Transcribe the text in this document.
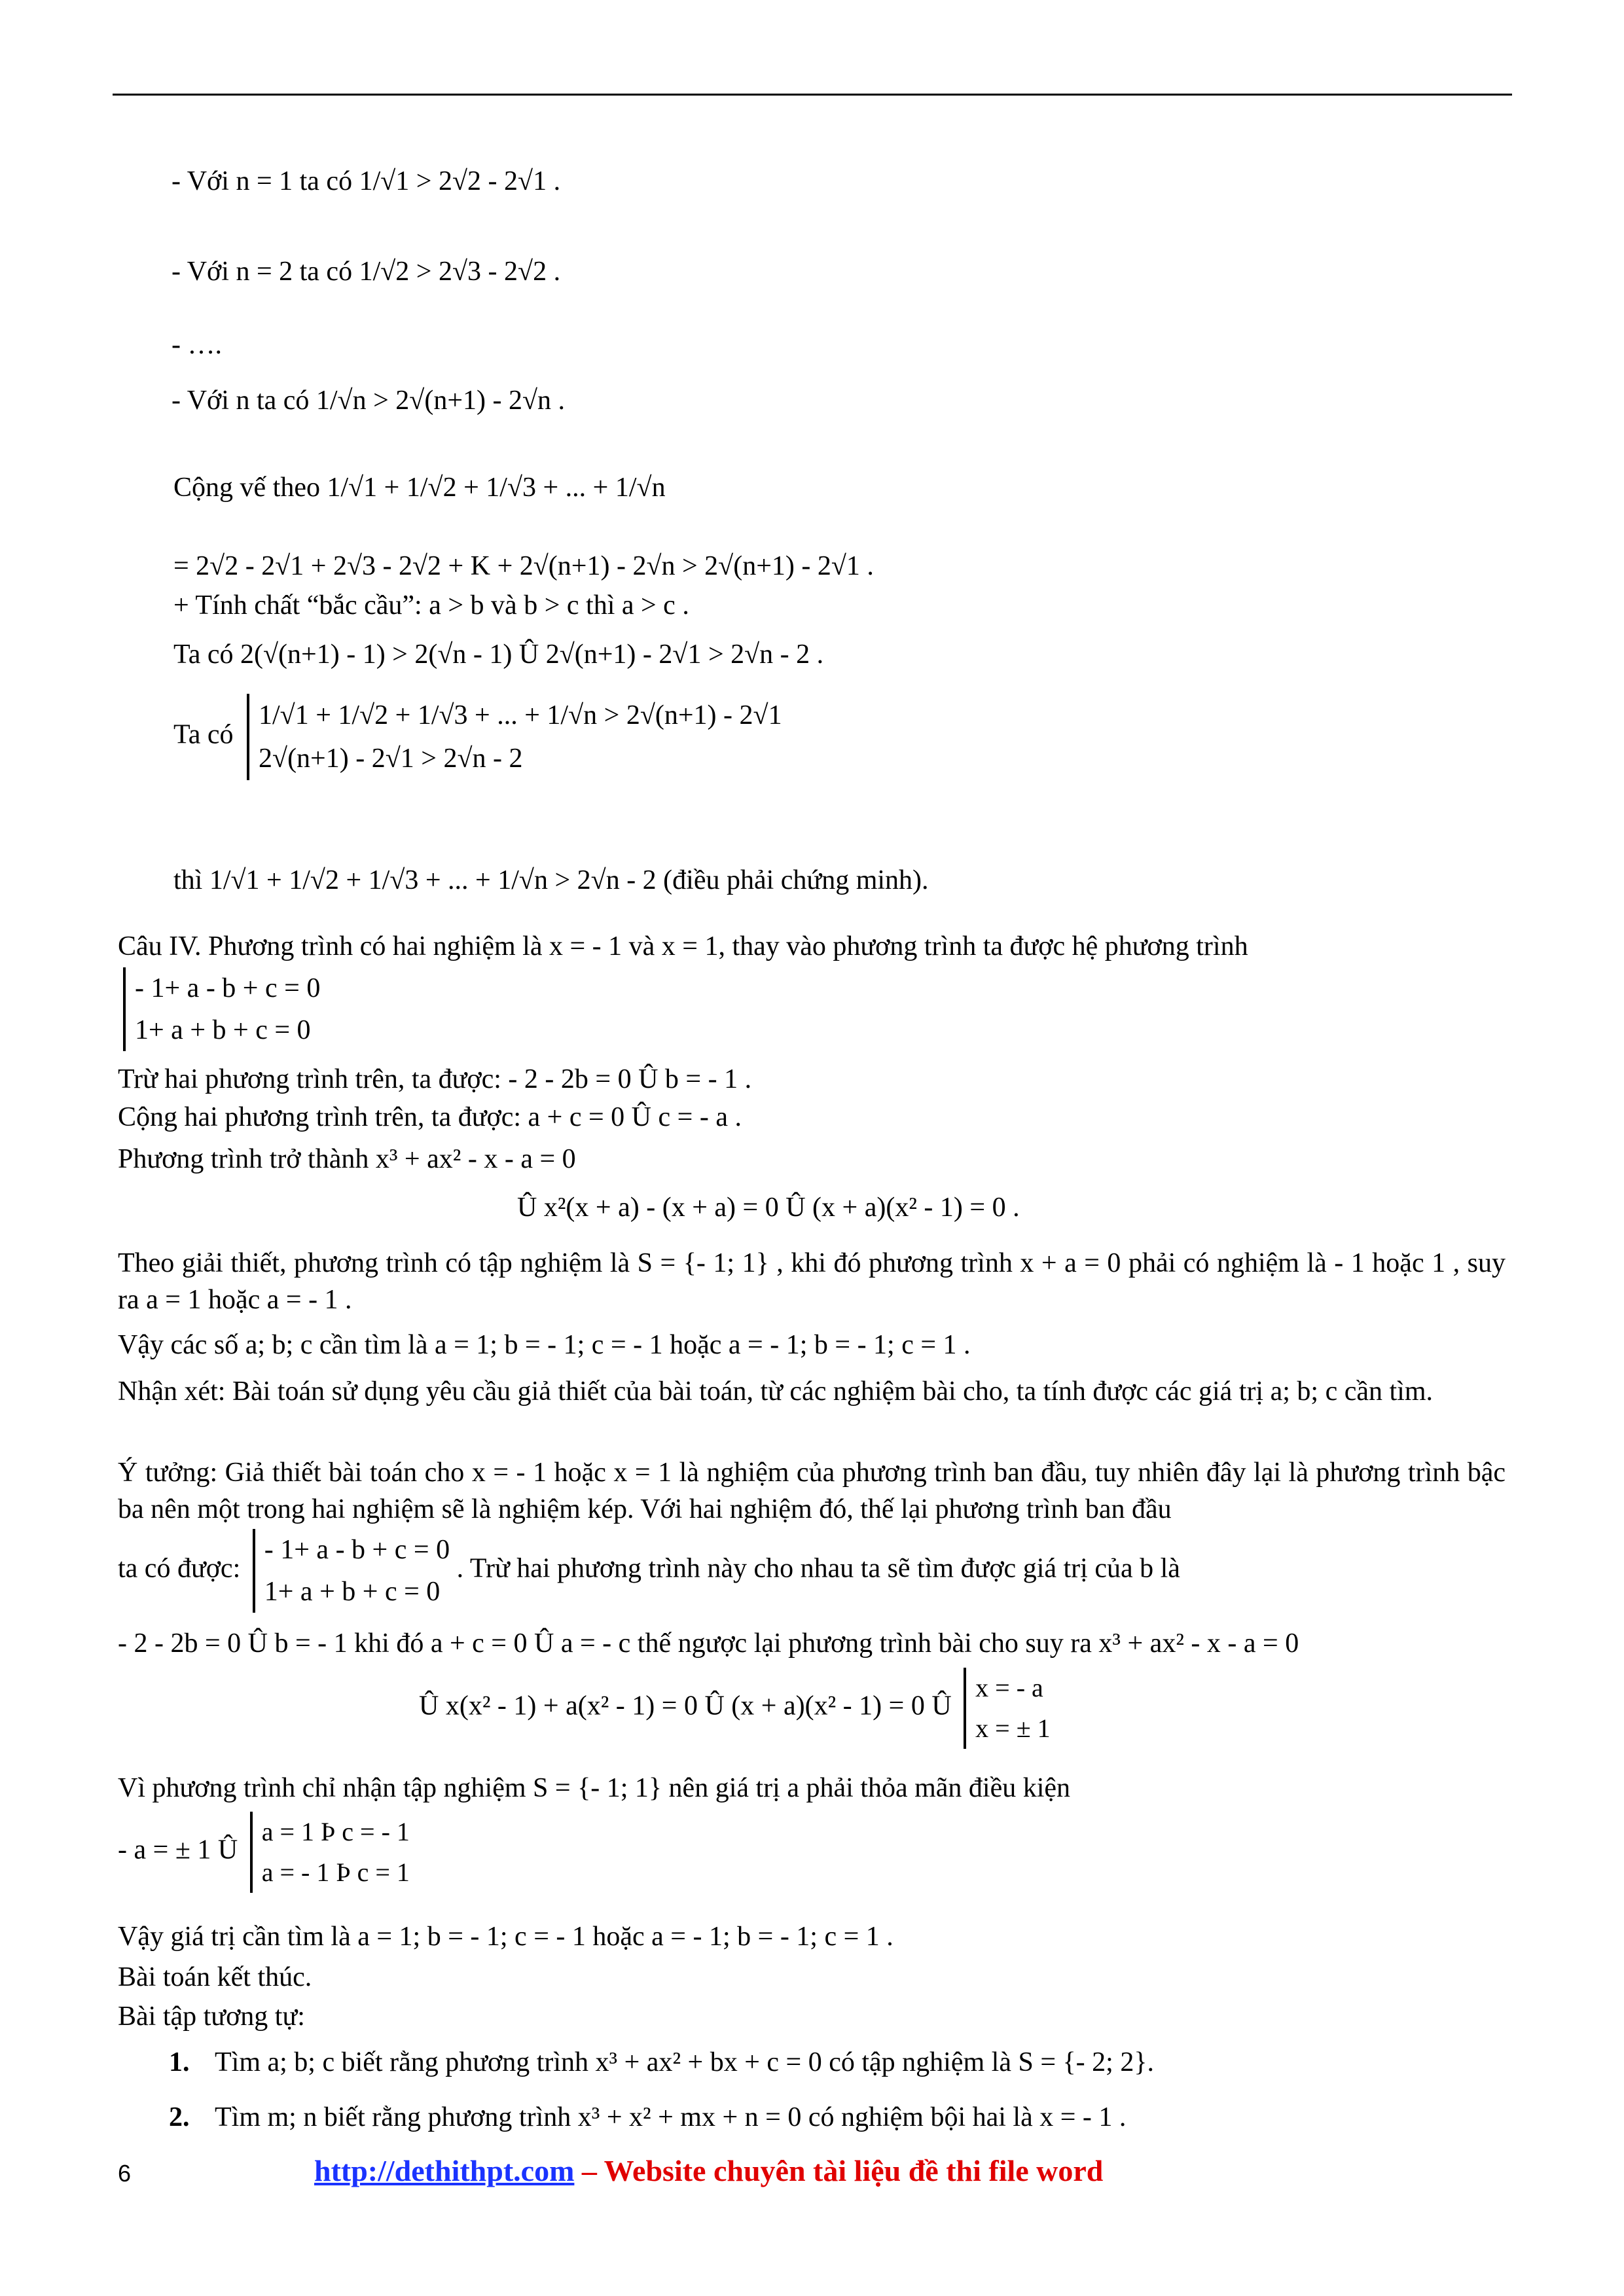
- Với n = 1 ta có 1/√1 > 2√2 - 2√1 .
- Với n = 2 ta có 1/√2 > 2√3 - 2√2 .
- ….
- Với n ta có 1/√n > 2√(n+1) - 2√n .
Cộng vế theo 1/√1 + 1/√2 + 1/√3 + ... + 1/√n
= 2√2 - 2√1 + 2√3 - 2√2 + K + 2√(n+1) - 2√n > 2√(n+1) - 2√1 .
+ Tính chất “bắc cầu”: a > b và b > c thì a > c .
Ta có 2(√(n+1) - 1) > 2(√n - 1) Û 2√(n+1) - 2√1 > 2√n - 2 .
Ta có
1/√1 + 1/√2 + 1/√3 + ... + 1/√n > 2√(n+1) - 2√1
2√(n+1) - 2√1 > 2√n - 2
thì 1/√1 + 1/√2 + 1/√3 + ... + 1/√n > 2√n - 2 (điều phải chứng minh).
Câu IV. Phương trình có hai nghiệm là x = - 1 và x = 1, thay vào phương trình ta được hệ phương trình
- 1+ a - b + c = 0
1+ a + b + c = 0
Trừ hai phương trình trên, ta được: - 2 - 2b = 0 Û b = - 1 .
Cộng hai phương trình trên, ta được: a + c = 0 Û c = - a .
Phương trình trở thành x³ + ax² - x - a = 0
Û x²(x + a) - (x + a) = 0 Û (x + a)(x² - 1) = 0 .
Theo giải thiết, phương trình có tập nghiệm là S = {- 1; 1} , khi đó phương trình x + a = 0 phải có nghiệm là - 1 hoặc 1 , suy ra a = 1 hoặc a = - 1 .
Vậy các số a; b; c cần tìm là a = 1; b = - 1; c = - 1 hoặc a = - 1; b = - 1; c = 1 .
Nhận xét: Bài toán sử dụng yêu cầu giả thiết của bài toán, từ các nghiệm bài cho, ta tính được các giá trị a; b; c cần tìm.
Ý tưởng: Giả thiết bài toán cho x = - 1 hoặc x = 1 là nghiệm của phương trình ban đầu, tuy nhiên đây lại là phương trình bậc ba nên một trong hai nghiệm sẽ là nghiệm kép. Với hai nghiệm đó, thế lại phương trình ban đầu
ta có được:
- 1+ a - b + c = 0
1+ a + b + c = 0
. Trừ hai phương trình này cho nhau ta sẽ tìm được giá trị của b là
- 2 - 2b = 0 Û b = - 1 khi đó a + c = 0 Û a = - c thế ngược lại phương trình bài cho suy ra x³ + ax² - x - a = 0
Û x(x² - 1) + a(x² - 1) = 0 Û (x + a)(x² - 1) = 0 Û
x = - a
x = ± 1
Vì phương trình chỉ nhận tập nghiệm S = {- 1; 1} nên giá trị a phải thỏa mãn điều kiện
- a = ± 1 Û
a = 1 Þ c = - 1
a = - 1 Þ c = 1
Vậy giá trị cần tìm là a = 1; b = - 1; c = - 1 hoặc a = - 1; b = - 1; c = 1 .
Bài toán kết thúc.
Bài tập tương tự:
1. Tìm a; b; c biết rằng phương trình x³ + ax² + bx + c = 0 có tập nghiệm là S = {- 2; 2}.
2. Tìm m; n biết rằng phương trình x³ + x² + mx + n = 0 có nghiệm bội hai là x = - 1 .
6	http://dethithpt.com – Website chuyên tài liệu đề thi file word
